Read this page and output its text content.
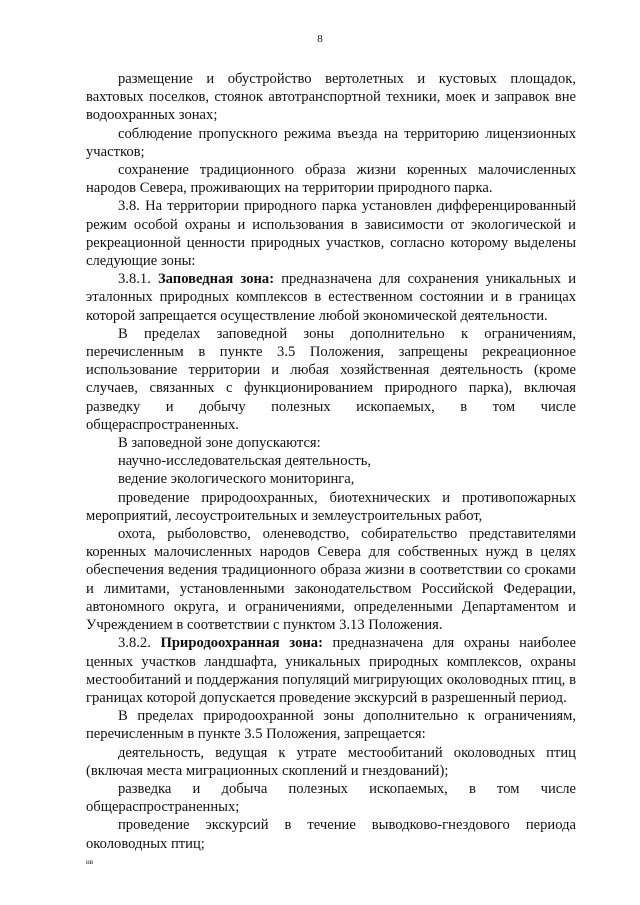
8

размещение и обустройство вертолетных и кустовых площадок, вахтовых поселков, стоянок автотранспортной техники, моек и заправок вне водоохранных зонах;

соблюдение пропускного режима въезда на территорию лицензионных участков;

сохранение традиционного образа жизни коренных малочисленных народов Севера, проживающих на территории природного парка.

3.8. На территории природного парка установлен дифференцированный режим особой охраны и использования в зависимости от экологической и рекреационной ценности природных участков, согласно которому выделены следующие зоны:

3.8.1. Заповедная зона: предназначена для сохранения уникальных и эталонных природных комплексов в естественном состоянии и в границах которой запрещается осуществление любой экономической деятельности.

В пределах заповедной зоны дополнительно к ограничениям, перечисленным в пункте 3.5 Положения, запрещены рекреационное использование территории и любая хозяйственная деятельность (кроме случаев, связанных с функционированием природного парка), включая разведку и добычу полезных ископаемых, в том числе общераспространенных.

В заповедной зоне допускаются:

научно-исследовательская деятельность,

ведение экологического мониторинга,

проведение природоохранных, биотехнических и противопожарных мероприятий, лесоустроительных и землеустроительных работ,

охота, рыболовство, оленеводство, собирательство представителями коренных малочисленных народов Севера для собственных нужд в целях обеспечения ведения традиционного образа жизни в соответствии со сроками и лимитами, установленными законодательством Российской Федерации, автономного округа, и ограничениями, определенными Департаментом и Учреждением в соответствии с пунктом 3.13 Положения.

3.8.2. Природоохранная зона: предназначена для охраны наиболее ценных участков ландшафта, уникальных природных комплексов, охраны местообитаний и поддержания популяций мигрирующих околоводных птиц, в границах которой допускается проведение экскурсий в разрешенный период.

В пределах природоохранной зоны дополнительно к ограничениям, перечисленным в пункте 3.5 Положения, запрещается:

деятельность, ведущая к утрате местообитаний околоводных птиц (включая места миграционных скоплений и гнездований);

разведка и добыча полезных ископаемых, в том числе общераспространенных;

проведение экскурсий в течение выводково-гнездового периода околоводных птиц;

нв
